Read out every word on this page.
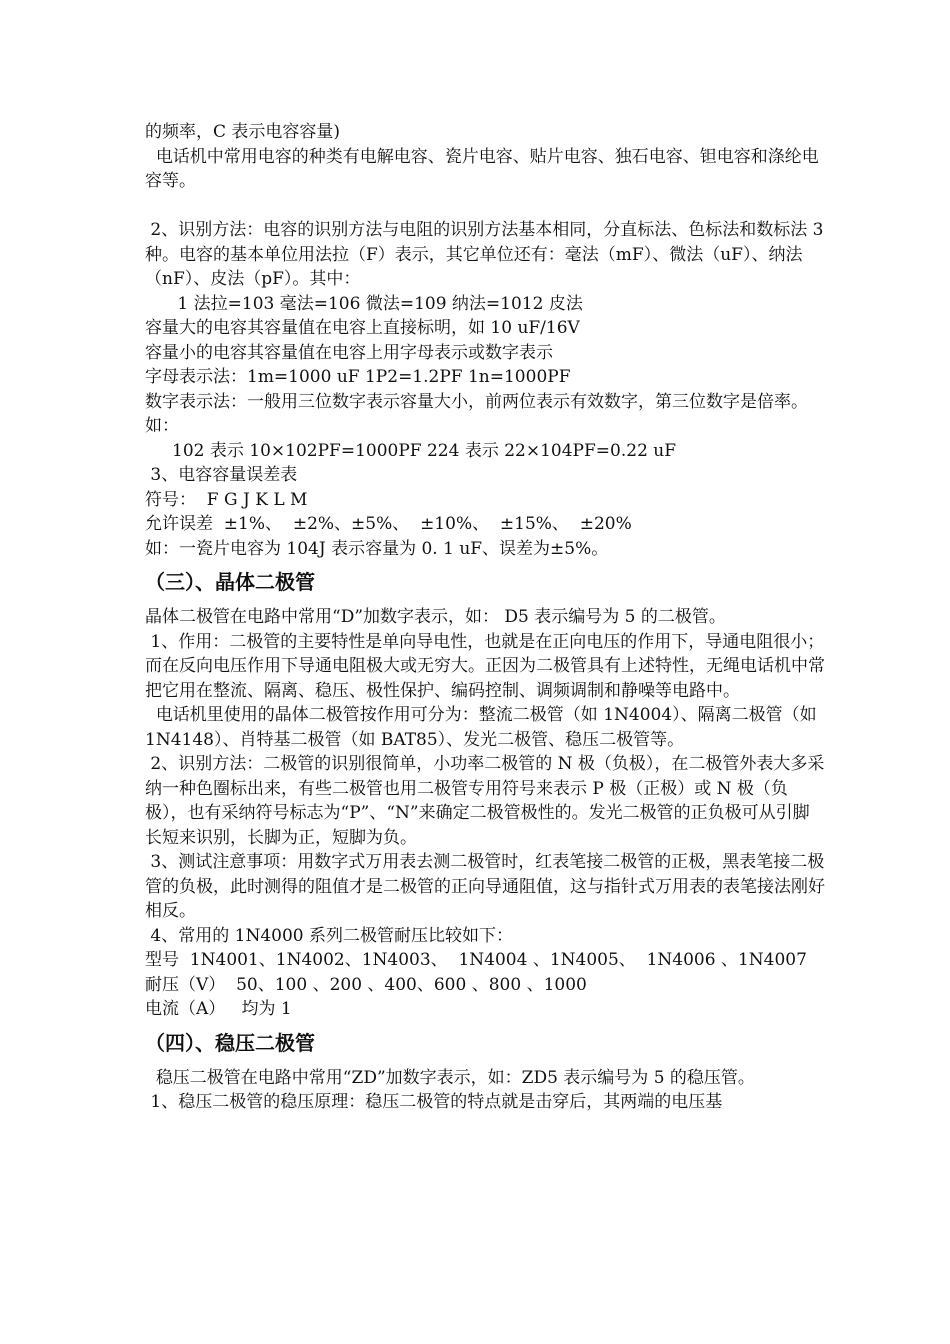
的频率，C 表示电容容量)

电话机中常用电容的种类有电解电容、瓷片电容、贴片电容、独石电容、钽电容和涤纶电容等。

2、识别方法：电容的识别方法与电阻的识别方法基本相同，分直标法、色标法和数标法 3 种。电容的基本单位用法拉（F）表示，其它单位还有：毫法（mF）、微法（uF）、纳法（nF）、皮法（pF）。其中：

1 法拉=103 毫法=106 微法=109 纳法=1012 皮法

容量大的电容其容量值在电容上直接标明，如 10 uF/16V

容量小的电容其容量值在电容上用字母表示或数字表示

字母表示法：1m=1000 uF 1P2=1.2PF 1n=1000PF

数字表示法：一般用三位数字表示容量大小，前两位表示有效数字，第三位数字是倍率。如：

102 表示 10×102PF=1000PF 224 表示 22×104PF=0.22 uF

3、电容容量误差表

符号：  F G J K L M

允许误差  ±1%、  ±2%、±5%、  ±10%、  ±15%、  ±20%

如：一瓷片电容为 104J 表示容量为 0. 1 uF、误差为±5%。

（三）、晶体二极管

晶体二极管在电路中常用“D”加数字表示，如： D5 表示编号为 5 的二极管。

1、作用：二极管的主要特性是单向导电性，也就是在正向电压的作用下，导通电阻很小；而在反向电压作用下导通电阻极大或无穷大。正因为二极管具有上述特性，无绳电话机中常把它用在整流、隔离、稳压、极性保护、编码控制、调频调制和静噪等电路中。

电话机里使用的晶体二极管按作用可分为：整流二极管（如 1N4004）、隔离二极管（如 1N4148）、肖特基二极管（如 BAT85）、发光二极管、稳压二极管等。

2、识别方法：二极管的识别很简单，小功率二极管的 N 极（负极），在二极管外表大多采纳一种色圈标出来，有些二极管也用二极管专用符号来表示 P 极（正极）或 N 极（负极），也有采纳符号标志为“P”、“N”来确定二极管极性的。发光二极管的正负极可从引脚长短来识别，长脚为正，短脚为负。

3、测试注意事项：用数字式万用表去测二极管时，红表笔接二极管的正极，黑表笔接二极管的负极，此时测得的阻值才是二极管的正向导通阻值，这与指针式万用表的表笔接法刚好相反。

4、常用的 1N4000 系列二极管耐压比较如下：

型号  1N4001、1N4002、1N4003、  1N4004 、1N4005、  1N4006 、1N4007

耐压（V）  50、100 、200 、400、600 、800 、1000

电流（A）   均为 1

（四）、稳压二极管

稳压二极管在电路中常用“ZD”加数字表示，如：ZD5 表示编号为 5 的稳压管。

1、稳压二极管的稳压原理：稳压二极管的特点就是击穿后，其两端的电压基
